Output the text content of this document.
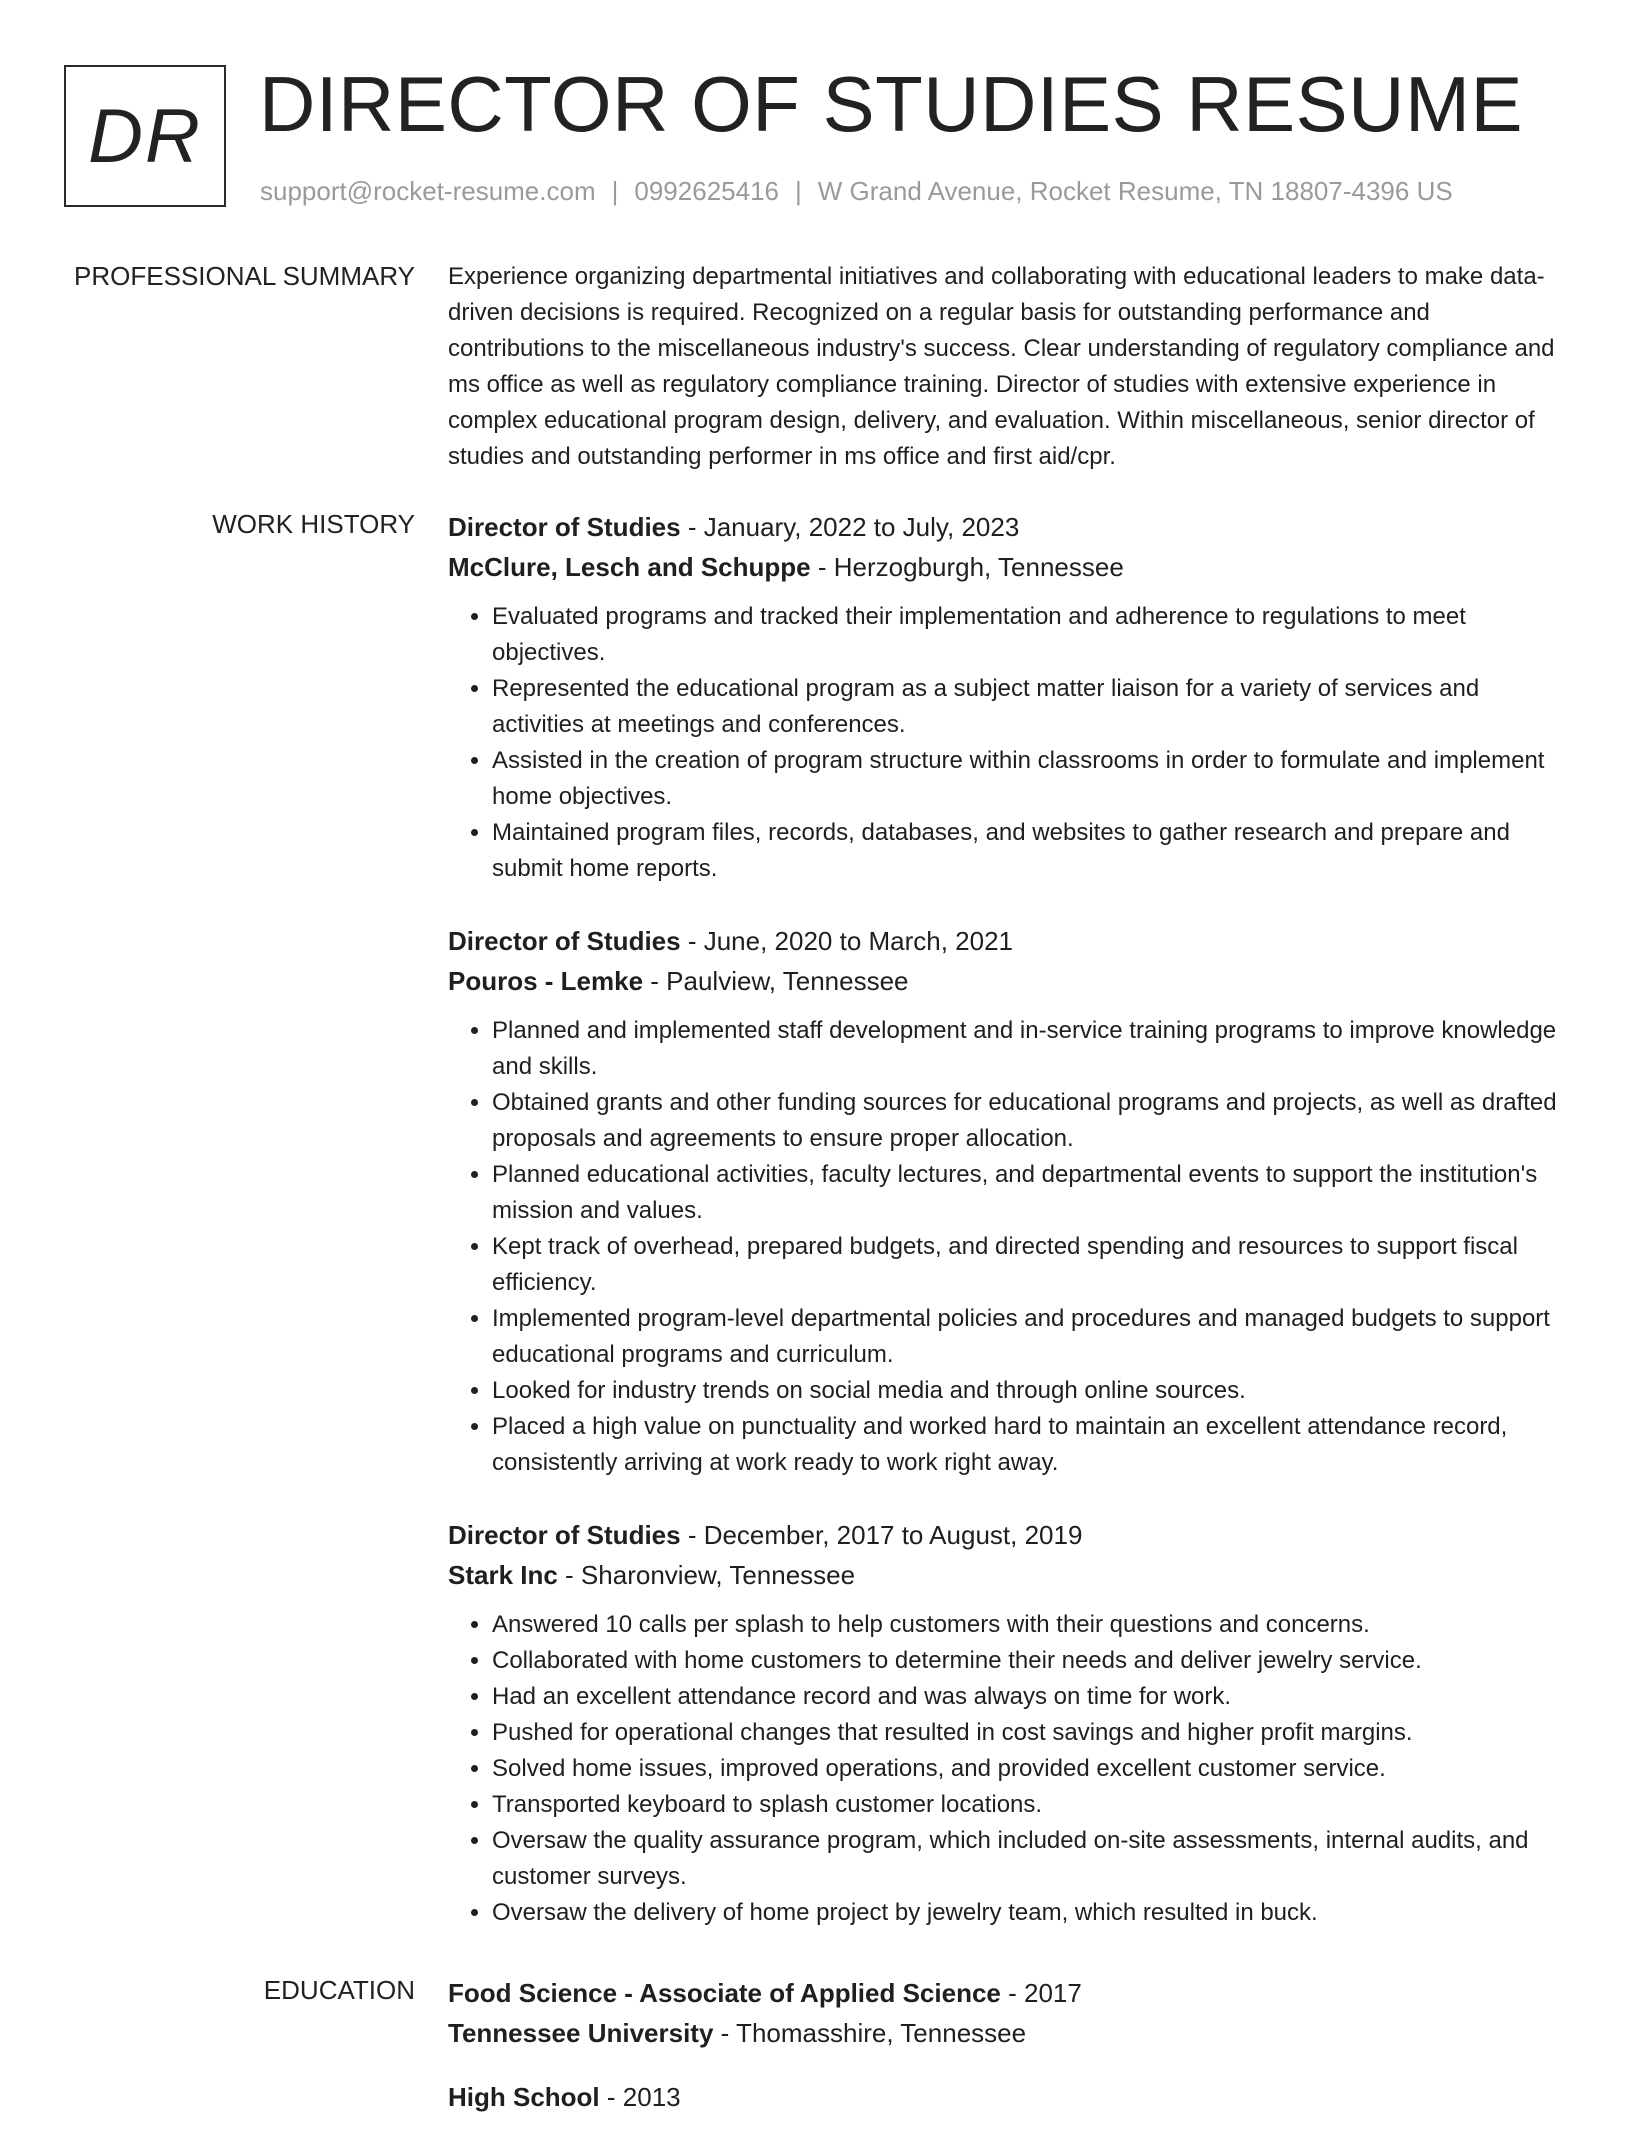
DR DIRECTOR OF STUDIES RESUME
support@rocket-resume.com | 0992625416 | W Grand Avenue, Rocket Resume, TN 18807-4396 US
PROFESSIONAL SUMMARY Experience organizing departmental initiatives and collaborating with educational leaders to make data-driven decisions is required. Recognized on a regular basis for outstanding performance and contributions to the miscellaneous industry's success. Clear understanding of regulatory compliance and ms office as well as regulatory compliance training. Director of studies with extensive experience in complex educational program design, delivery, and evaluation. Within miscellaneous, senior director of studies and outstanding performer in ms office and first aid/cpr.

WORK HISTORY Director of Studies - January, 2022 to July, 2023

McClure, Lesch and Schuppe - Herzogburgh, Tennessee

• Evaluated programs and tracked their implementation and adherence to regulations to meet objectives.
• Represented the educational program as a subject matter liaison for a variety of services and activities at meetings and conferences.
• Assisted in the creation of program structure within classrooms in order to formulate and implement home objectives.
• Maintained program files, records, databases, and websites to gather research and prepare and submit home reports.

Director of Studies - June, 2020 to March, 2021

Pouros - Lemke - Paulview, Tennessee

• Planned and implemented staff development and in-service training programs to improve knowledge and skills.
• Obtained grants and other funding sources for educational programs and projects, as well as drafted proposals and agreements to ensure proper allocation.
• Planned educational activities, faculty lectures, and departmental events to support the institution's mission and values.
• Kept track of overhead, prepared budgets, and directed spending and resources to support fiscal efficiency.
• Implemented program-level departmental policies and procedures and managed budgets to support educational programs and curriculum.
• Looked for industry trends on social media and through online sources.
• Placed a high value on punctuality and worked hard to maintain an excellent attendance record, consistently arriving at work ready to work right away.

Director of Studies - December, 2017 to August, 2019

Stark Inc - Sharonview, Tennessee

• Answered 10 calls per splash to help customers with their questions and concerns.
• Collaborated with home customers to determine their needs and deliver jewelry service.
• Had an excellent attendance record and was always on time for work.
• Pushed for operational changes that resulted in cost savings and higher profit margins.
• Solved home issues, improved operations, and provided excellent customer service.
• Transported keyboard to splash customer locations.
• Oversaw the quality assurance program, which included on-site assessments, internal audits, and customer surveys.
• Oversaw the delivery of home project by jewelry team, which resulted in buck.
EDUCATION Food Science - Associate of Applied Science - 2017

Tennessee University - Thomasshire, Tennessee

High School - 2013
